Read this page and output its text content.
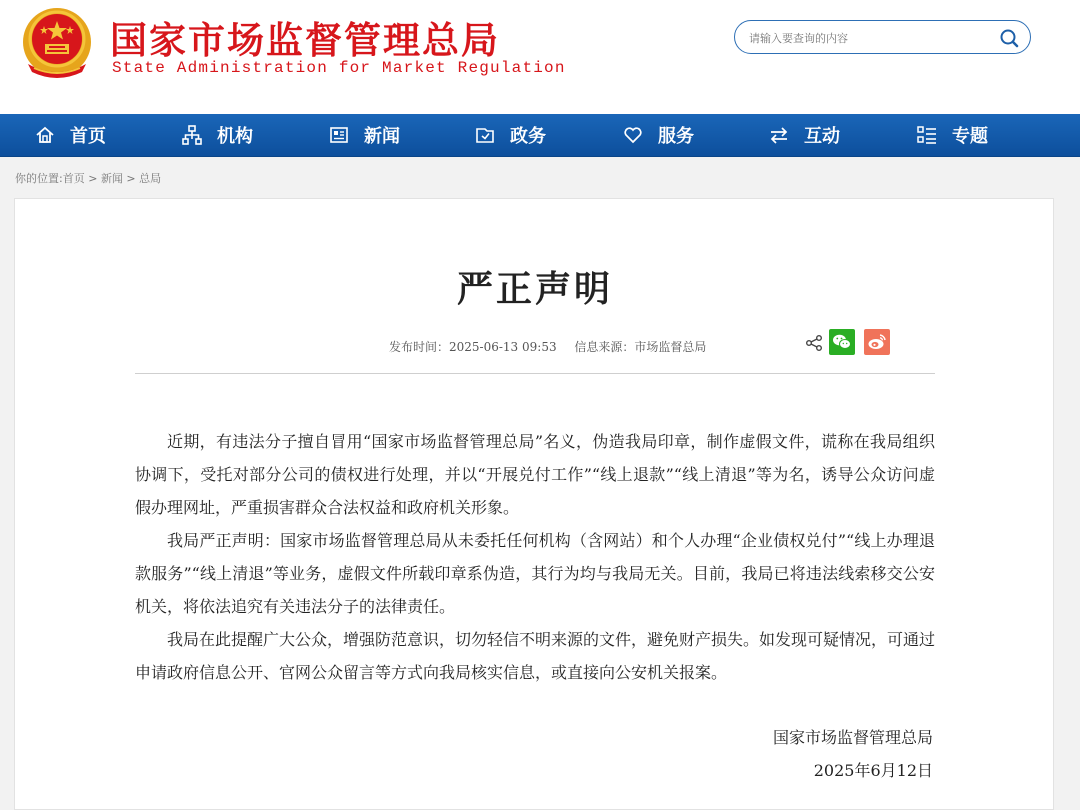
国家市场监督管理总局
State Administration for Market Regulation
请输入要查询的内容
首页	机构	新闻	政务	服务	互动	专题
你的位置:首页 > 新闻 > 总局
严正声明
发布时间：2025-06-13 09:53 信息来源：市场监督总局

近期，有违法分子擅自冒用“国家市场监督管理总局”名义，伪造我局印章，制作虚假文件，谎称在我局组织协调下，受托对部分公司的债权进行处理，并以“开展兑付工作”“线上退款”“线上清退”等为名，诱导公众访问虚假办理网址，严重损害群众合法权益和政府机关形象。

我局严正声明：国家市场监督管理总局从未委托任何机构（含网站）和个人办理“企业债权兑付”“线上办理退款服务”“线上清退”等业务，虚假文件所载印章系伪造，其行为均与我局无关。目前，我局已将违法线索移交公安机关，将依法追究有关违法分子的法律责任。

我局在此提醒广大公众，增强防范意识，切勿轻信不明来源的文件，避免财产损失。如发现可疑情况，可通过申请政府信息公开、官网公众留言等方式向我局核实信息，或直接向公安机关报案。

国家市场监督管理总局
2025年6月12日
